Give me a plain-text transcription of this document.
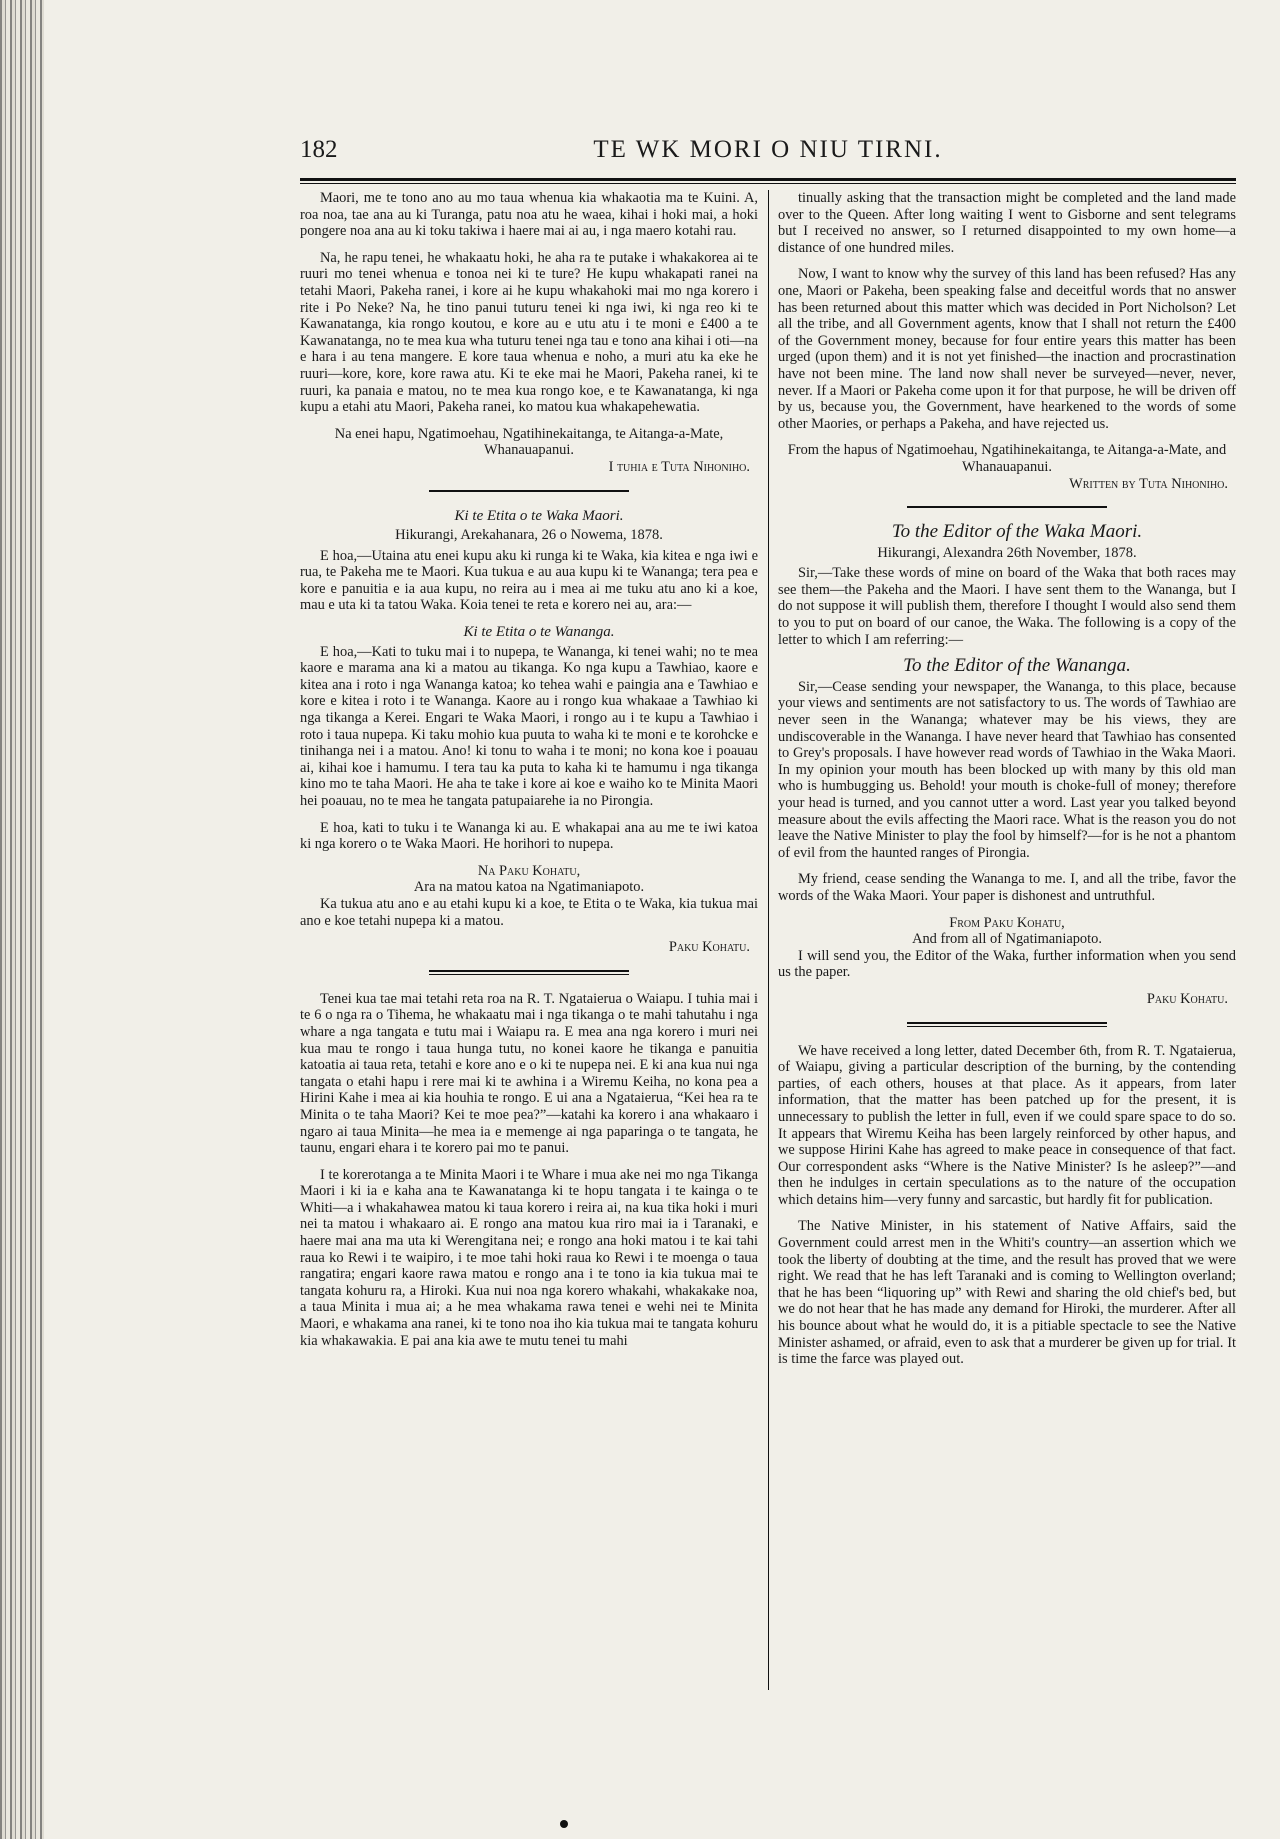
182	TE WK MORI O NIU TIRNI.

Maori, me te tono ano au mo taua whenua kia whakaotia ma te Kuini. A, roa noa, tae ana au ki Turanga, patu noa atu he waea, kihai i hoki mai, a hoki pongere noa ana au ki toku takiwa i haere mai ai au, i nga maero kotahi rau.

Na, he rapu tenei, he whakaatu hoki, he aha ra te putake i whakakorea ai te ruuri mo tenei whenua e tonoa nei ki te ture? He kupu whakapati ranei na tetahi Maori, Pakeha ranei, i kore ai he kupu whakahoki mai mo nga korero i rite i Po Neke? Na, he tino panui tuturu tenei ki nga iwi, ki nga reo ki te Kawanatanga, kia rongo koutou, e kore au e utu atu i te moni e £400 a te Kawanatanga, no te mea kua wha tuturu tenei nga tau e tono ana kihai i oti—na e hara i au tena mangere. E kore taua whenua e noho, a muri atu ka eke he ruuri—kore, kore, kore rawa atu. Ki te eke mai he Maori, Pakeha ranei, ki te ruuri, ka panaia e matou, no te mea kua rongo koe, e te Kawanatanga, ki nga kupu a etahi atu Maori, Pakeha ranei, ko matou kua whakapehewatia.

Na enei hapu, Ngatimoehau, Ngatihinekaitanga, te Aitanga-a-Mate, Whanauapanui.

I tuhia e Tuta Nihoniho.

Ki te Etita o te Waka Maori.

Hikurangi, Arekahanara, 26 o Nowema, 1878.

E hoa,—Utaina atu enei kupu aku ki runga ki te Waka, kia kitea e nga iwi e rua, te Pakeha me te Maori. Kua tukua e au aua kupu ki te Wananga; tera pea e kore e panuitia e ia aua kupu, no reira au i mea ai me tuku atu ano ki a koe, mau e uta ki ta tatou Waka. Koia tenei te reta e korero nei au, ara:—

Ki te Etita o te Wananga.

E hoa,—Kati to tuku mai i to nupepa, te Wananga, ki tenei wahi; no te mea kaore e marama ana ki a matou au tikanga. Ko nga kupu a Tawhiao, kaore e kitea ana i roto i nga Wananga katoa; ko tehea wahi e paingia ana e Tawhiao e kore e kitea i roto i te Wananga. Kaore au i rongo kua whakaae a Tawhiao ki nga tikanga a Kerei. Engari te Waka Maori, i rongo au i te kupu a Tawhiao i roto i taua nupepa. Ki taku mohio kua puuta to waha ki te moni e te korohcke e tinihanga nei i a matou. Ano! ki tonu to waha i te moni; no kona koe i poauau ai, kihai koe i hamumu. I tera tau ka puta to kaha ki te hamumu i nga tikanga kino mo te taha Maori. He aha te take i kore ai koe e waiho ko te Minita Maori hei poauau, no te mea he tangata patupaiarehe ia no Pirongia.

E hoa, kati to tuku i te Wananga ki au. E whakapai ana au me te iwi katoa ki nga korero o te Waka Maori. He horihori to nupepa.

Na Paku Kohatu,

Ara na matou katoa na Ngatimaniapoto.

Ka tukua atu ano e au etahi kupu ki a koe, te Etita o te Waka, kia tukua mai ano e koe tetahi nupepa ki a matou.

Paku Kohatu.

Tenei kua tae mai tetahi reta roa na R. T. Ngataierua o Waiapu. I tuhia mai i te 6 o nga ra o Tihema, he whakaatu mai i nga tikanga o te mahi tahutahu i nga whare a nga tangata e tutu mai i Waiapu ra. E mea ana nga korero i muri nei kua mau te rongo i taua hunga tutu, no konei kaore he tikanga e panuitia katoatia ai taua reta, tetahi e kore ano e o ki te nupepa nei. E ki ana kua nui nga tangata o etahi hapu i rere mai ki te awhina i a Wiremu Keiha, no kona pea a Hirini Kahe i mea ai kia houhia te rongo. E ui ana a Ngataierua, “Kei hea ra te Minita o te taha Maori? Kei te moe pea?”—katahi ka korero i ana whakaaro i ngaro ai taua Minita—he mea ia e memenge ai nga paparinga o te tangata, he taunu, engari ehara i te korero pai mo te panui.

I te korerotanga a te Minita Maori i te Whare i mua ake nei mo nga Tikanga Maori i ki ia e kaha ana te Kawanatanga ki te hopu tangata i te kainga o te Whiti—a i whakahawea matou ki taua korero i reira ai, na kua tika hoki i muri nei ta matou i whakaaro ai. E rongo ana matou kua riro mai ia i Taranaki, e haere mai ana ma uta ki Werengitana nei; e rongo ana hoki matou i te kai tahi raua ko Rewi i te waipiro, i te moe tahi hoki raua ko Rewi i te moenga o taua rangatira; engari kaore rawa matou e rongo ana i te tono ia kia tukua mai te tangata kohuru ra, a Hiroki. Kua nui noa nga korero whakahi, whakakake noa, a taua Minita i mua ai; a he mea whakama rawa tenei e wehi nei te Minita Maori, e whakama ana ranei, ki te tono noa iho kia tukua mai te tangata kohuru kia whakawakia. E pai ana kia awe te mutu tenei tu mahi

tinually asking that the transaction might be completed and the land made over to the Queen. After long waiting I went to Gisborne and sent telegrams but I received no answer, so I returned disappointed to my own home—a distance of one hundred miles.

Now, I want to know why the survey of this land has been refused? Has any one, Maori or Pakeha, been speaking false and deceitful words that no answer has been returned about this matter which was decided in Port Nicholson? Let all the tribe, and all Government agents, know that I shall not return the £400 of the Government money, because for four entire years this matter has been urged (upon them) and it is not yet finished—the inaction and procrastination have not been mine. The land now shall never be surveyed—never, never, never. If a Maori or Pakeha come upon it for that purpose, he will be driven off by us, because you, the Government, have hearkened to the words of some other Maories, or perhaps a Pakeha, and have rejected us.

From the hapus of Ngatimoehau, Ngatihinekaitanga, te Aitanga-a-Mate, and Whanauapanui.

Written by Tuta Nihoniho.

To the Editor of the Waka Maori.

Hikurangi, Alexandra 26th November, 1878.

Sir,—Take these words of mine on board of the Waka that both races may see them—the Pakeha and the Maori. I have sent them to the Wananga, but I do not suppose it will publish them, therefore I thought I would also send them to you to put on board of our canoe, the Waka. The following is a copy of the letter to which I am referring:—

To the Editor of the Wananga.

Sir,—Cease sending your newspaper, the Wananga, to this place, because your views and sentiments are not satisfactory to us. The words of Tawhiao are never seen in the Wananga; whatever may be his views, they are undiscoverable in the Wananga. I have never heard that Tawhiao has consented to Grey's proposals. I have however read words of Tawhiao in the Waka Maori. In my opinion your mouth has been blocked up with many by this old man who is humbugging us. Behold! your mouth is choke-full of money; therefore your head is turned, and you cannot utter a word. Last year you talked beyond measure about the evils affecting the Maori race. What is the reason you do not leave the Native Minister to play the fool by himself?—for is he not a phantom of evil from the haunted ranges of Pirongia.

My friend, cease sending the Wananga to me. I, and all the tribe, favor the words of the Waka Maori. Your paper is dishonest and untruthful.

From Paku Kohatu,

And from all of Ngatimaniapoto.

I will send you, the Editor of the Waka, further information when you send us the paper.

Paku Kohatu.

We have received a long letter, dated December 6th, from R. T. Ngataierua, of Waiapu, giving a particular description of the burning, by the contending parties, of each others, houses at that place. As it appears, from later information, that the matter has been patched up for the present, it is unnecessary to publish the letter in full, even if we could spare space to do so. It appears that Wiremu Keiha has been largely reinforced by other hapus, and we suppose Hirini Kahe has agreed to make peace in consequence of that fact. Our correspondent asks “Where is the Native Minister? Is he asleep?”—and then he indulges in certain speculations as to the nature of the occupation which detains him—very funny and sarcastic, but hardly fit for publication.

The Native Minister, in his statement of Native Affairs, said the Government could arrest men in the Whiti's country—an assertion which we took the liberty of doubting at the time, and the result has proved that we were right. We read that he has left Taranaki and is coming to Wellington overland; that he has been “liquoring up” with Rewi and sharing the old chief's bed, but we do not hear that he has made any demand for Hiroki, the murderer. After all his bounce about what he would do, it is a pitiable spectacle to see the Native Minister ashamed, or afraid, even to ask that a murderer be given up for trial. It is time the farce was played out.
